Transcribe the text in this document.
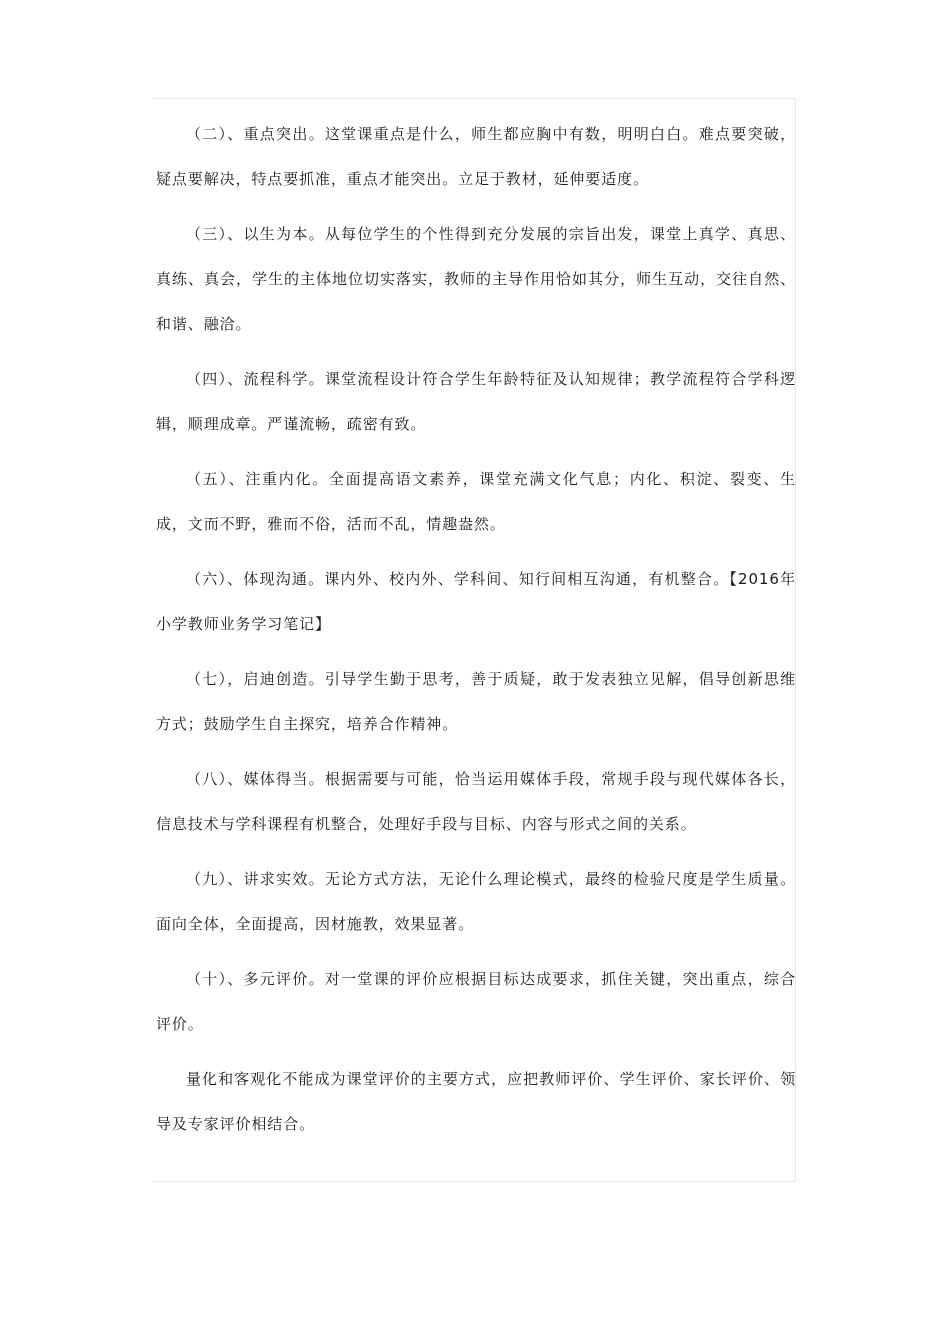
（二）、重点突出。这堂课重点是什么，师生都应胸中有数，明明白白。难点要突破，疑点要解决，特点要抓准，重点才能突出。立足于教材，延伸要适度。

（三）、以生为本。从每位学生的个性得到充分发展的宗旨出发，课堂上真学、真思、真练、真会，学生的主体地位切实落实，教师的主导作用恰如其分，师生互动，交往自然、和谐、融洽。

（四）、流程科学。课堂流程设计符合学生年龄特征及认知规律；教学流程符合学科逻辑，顺理成章。严谨流畅，疏密有致。

（五）、注重内化。全面提高语文素养，课堂充满文化气息；内化、积淀、裂变、生成，文而不野，雅而不俗，活而不乱，情趣盎然。

（六）、体现沟通。课内外、校内外、学科间、知行间相互沟通，有机整合。【2016年小学教师业务学习笔记】

（七），启迪创造。引导学生勤于思考，善于质疑，敢于发表独立见解，倡导创新思维方式；鼓励学生自主探究，培养合作精神。

（八）、媒体得当。根据需要与可能，恰当运用媒体手段，常规手段与现代媒体各长，信息技术与学科课程有机整合，处理好手段与目标、内容与形式之间的关系。

（九）、讲求实效。无论方式方法，无论什么理论模式，最终的检验尺度是学生质量。面向全体，全面提高，因材施教，效果显著。

（十）、多元评价。对一堂课的评价应根据目标达成要求，抓住关键，突出重点，综合评价。

量化和客观化不能成为课堂评价的主要方式，应把教师评价、学生评价、家长评价、领导及专家评价相结合。
